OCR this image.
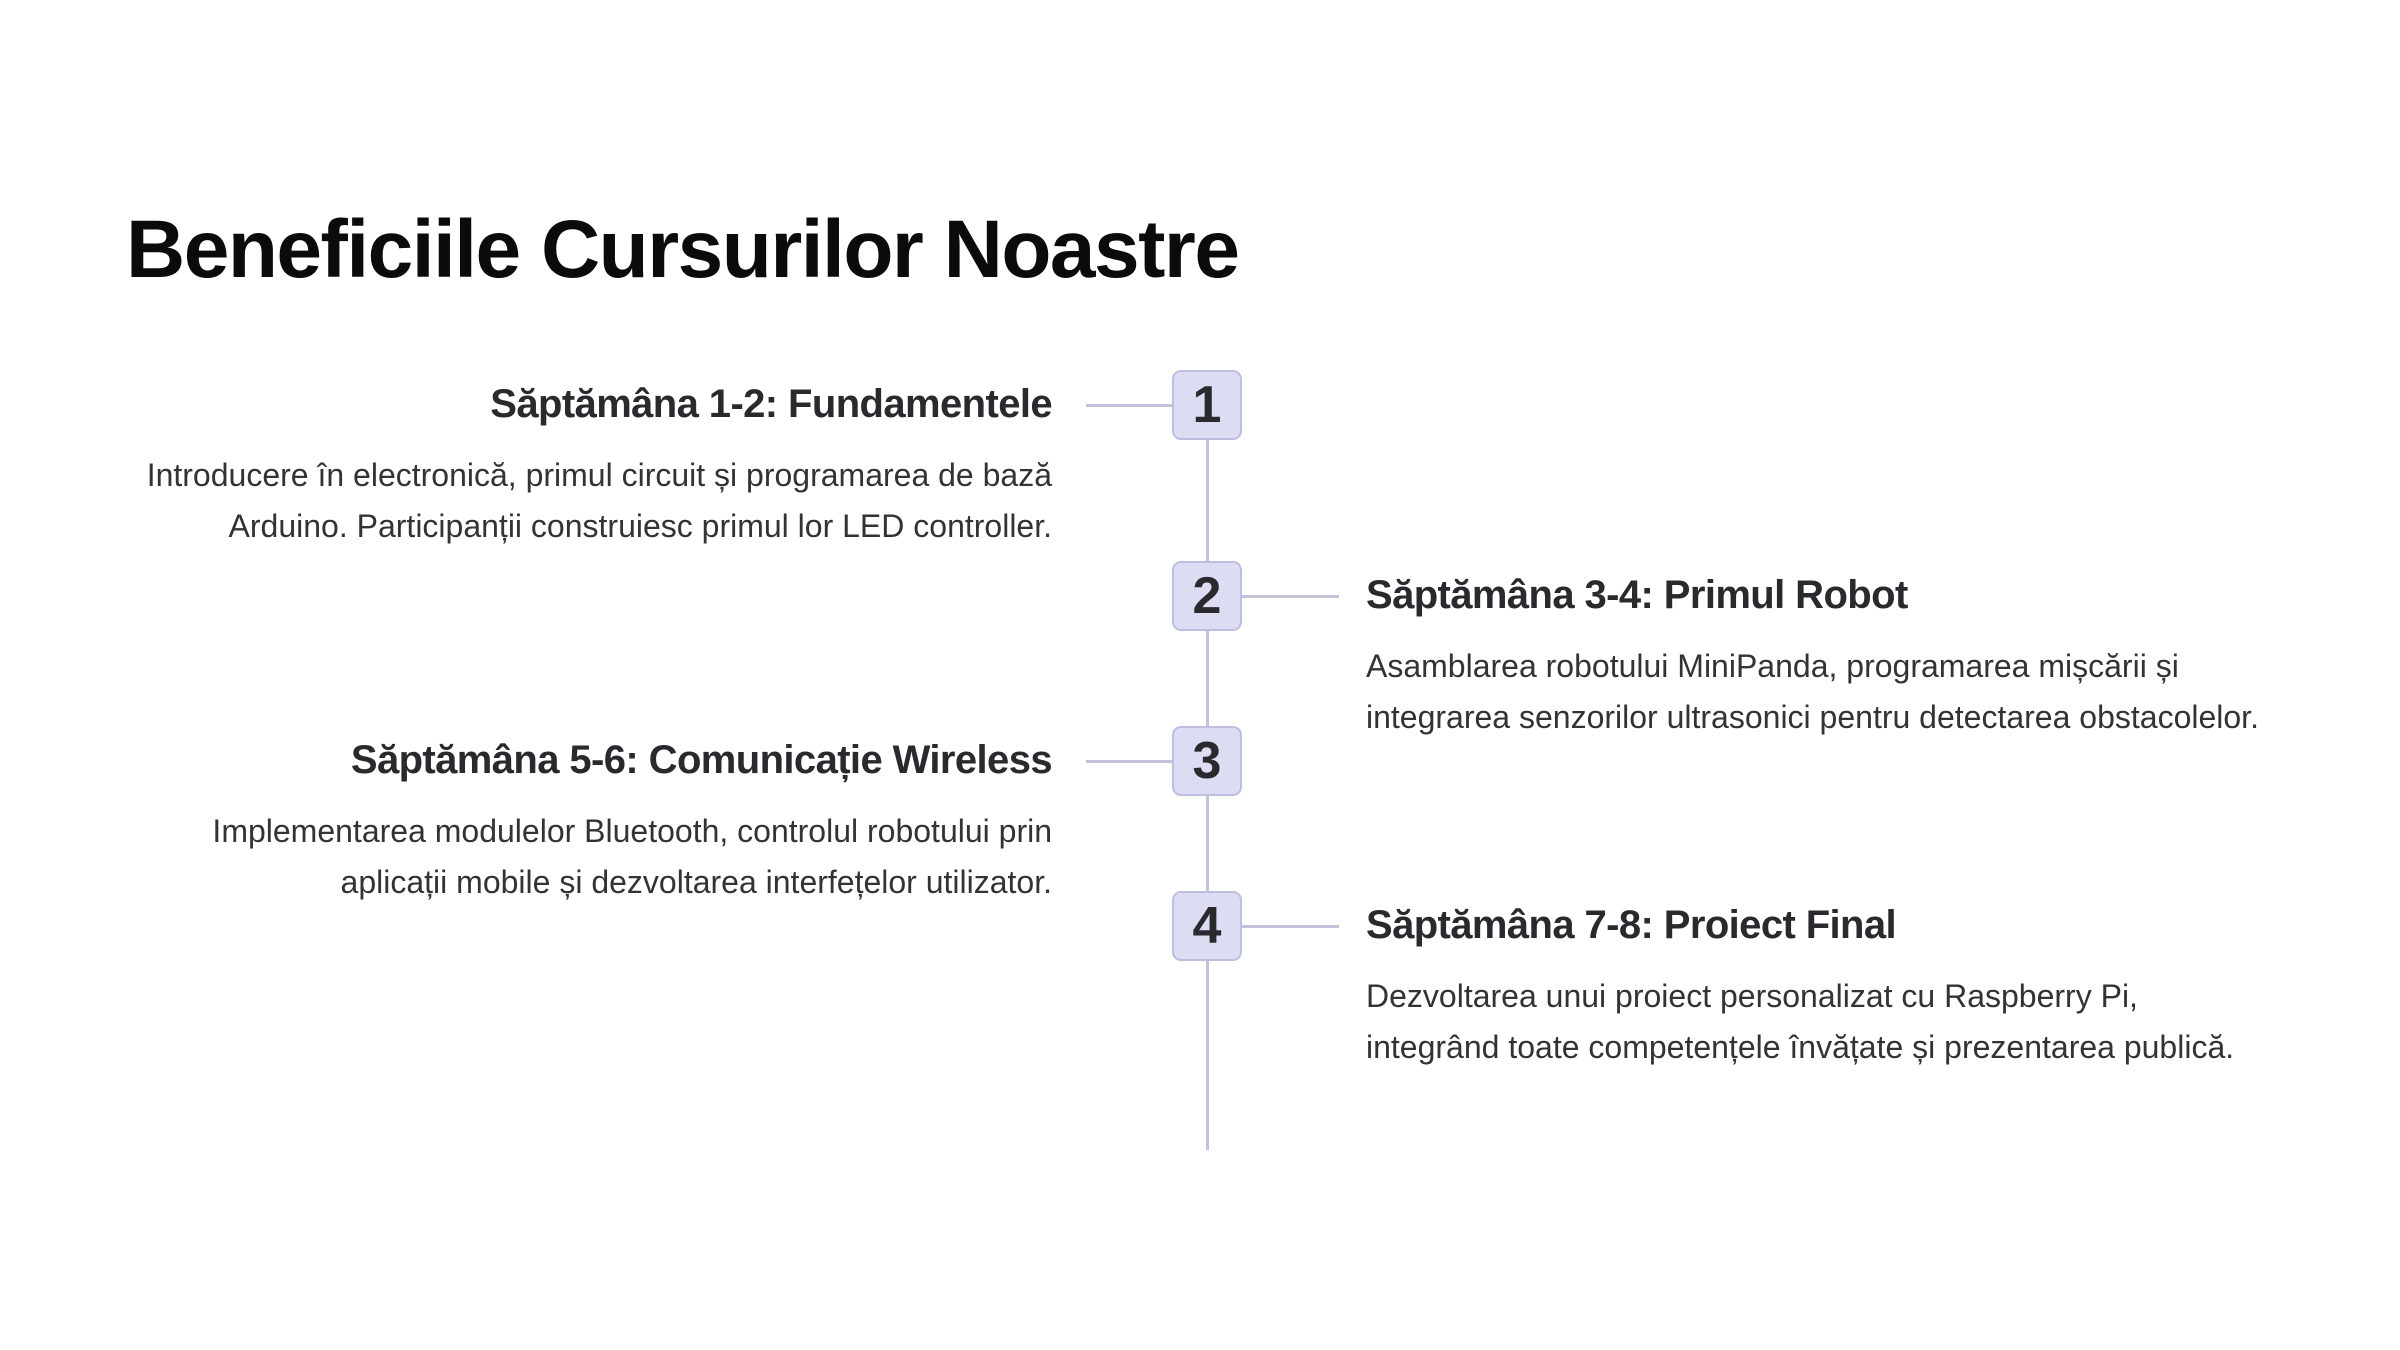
Beneficiile Cursurilor Noastre
1
Săptămâna 1-2: Fundamentele

Introducere în electronică, primul circuit și programarea de bază
Arduino. Participanții construiesc primul lor LED controller.

2	Săptămâna 3-4: Primul Robot

Asamblarea robotului MiniPanda, programarea mișcării și
integrarea senzorilor ultrasonici pentru detectarea obstacolelor.

3
Săptămâna 5-6: Comunicație Wireless

Implementarea modulelor Bluetooth, controlul robotului prin
aplicații mobile și dezvoltarea interfețelor utilizator.

4	Săptămâna 7-8: Proiect Final

Dezvoltarea unui proiect personalizat cu Raspberry Pi,
integrând toate competențele învățate și prezentarea publică.
